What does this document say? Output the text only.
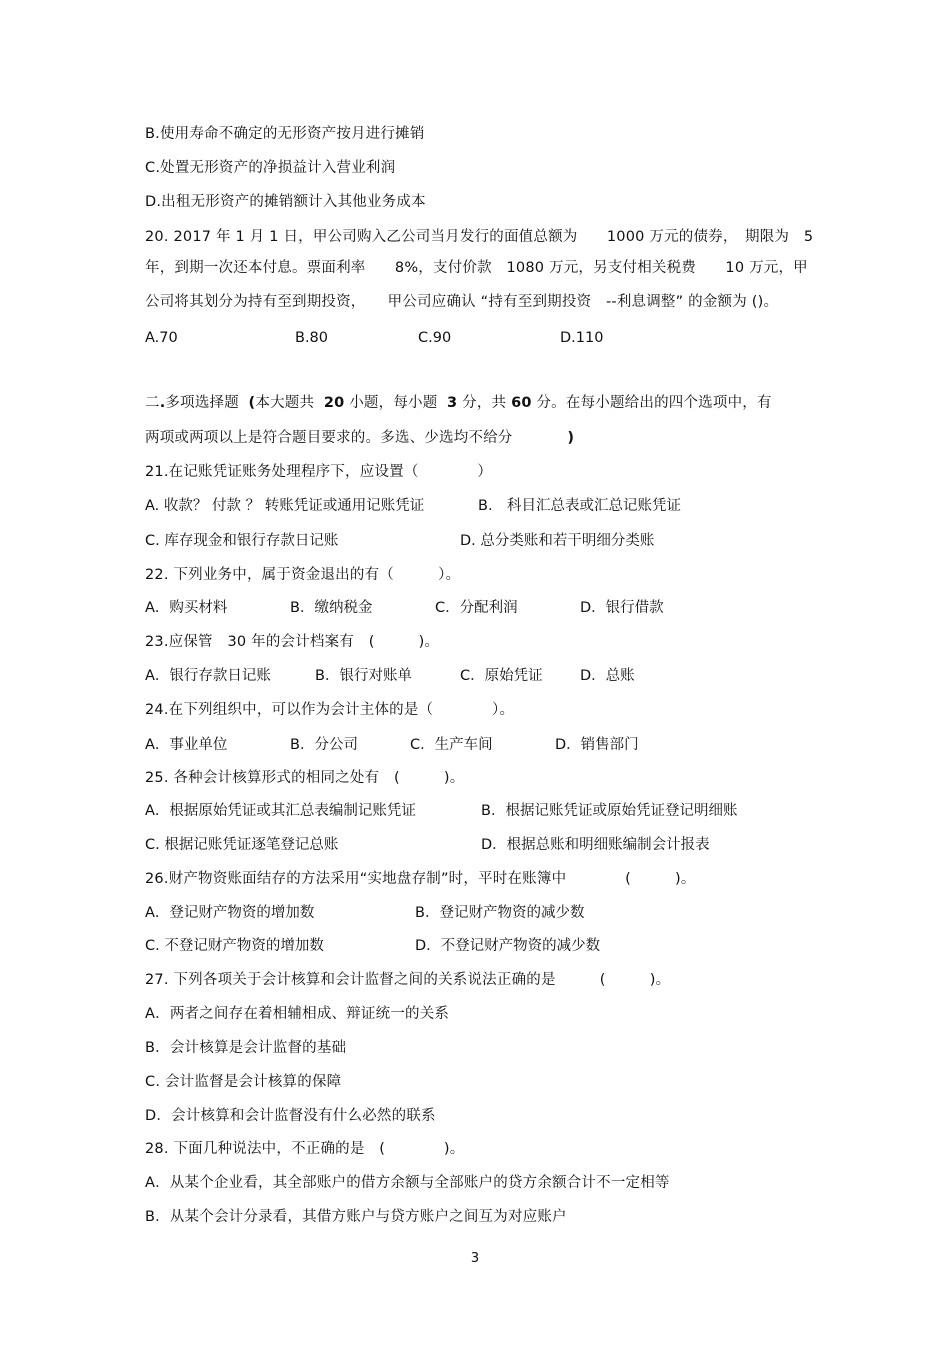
B.使用寿命不确定的无形资产按月进行摊销
C.处置无形资产的净损益计入营业利润
D.出租无形资产的摊销额计入其他业务成本
20. 2017 年 1 月 1 日，甲公司购入乙公司当月发行的面值总额为　　1000 万元的债券，　期限为　5
年，到期一次还本付息。票面利率　　8%，支付价款　1080 万元，另支付相关税费　　10 万元，甲
公司将其划分为持有至到期投资，　　甲公司应确认 “持有至到期投资　--利息调整” 的金额为 ()。
A.70	B.80	C.90	D.110
二.多项选择题 (本大题共 20 小题，每小题 3 分，共 60 分。在每小题给出的四个选项中，有
两项或两项以上是符合题目要求的。多选、少选均不给分	)
21.在记账凭证账务处理程序下，应设置（　　　　）
A. 收款？ 付款 ？ 转账凭证或通用记账凭证	B.　科目汇总表或汇总记账凭证
C. 库存现金和银行存款日记账	D. 总分类账和若干明细分类账
22. 下列业务中，属于资金退出的有（　　　）。
A．购买材料	B．缴纳税金	C．分配利润	D．银行借款
23.应保管　30 年的会计档案有　(　　　)。
A．银行存款日记账	B．银行对账单	C．原始凭证	D．总账
24.在下列组织中，可以作为会计主体的是（　　　　）。
A．事业单位	B．分公司	C．生产车间	D．销售部门
25. 各种会计核算形式的相同之处有　(　　　)。
A．根据原始凭证或其汇总表编制记账凭证	B．根据记账凭证或原始凭证登记明细账
C. 根据记账凭证逐笔登记总账	D．根据总账和明细账编制会计报表
26.财产物资账面结存的方法采用“实地盘存制”时，平时在账簿中　　　　(　　　)。
A．登记财产物资的增加数	B．登记财产物资的减少数
C. 不登记财产物资的增加数	D．不登记财产物资的减少数
27. 下列各项关于会计核算和会计监督之间的关系说法正确的是　　　(　　　)。
A．两者之间存在着相辅相成、辩证统一的关系
B．会计核算是会计监督的基础
C. 会计监督是会计核算的保障
D．会计核算和会计监督没有什么必然的联系
28. 下面几种说法中，不正确的是　(　　　　)。
A．从某个企业看，其全部账户的借方余额与全部账户的贷方余额合计不一定相等
B．从某个会计分录看，其借方账户与贷方账户之间互为对应账户
3
